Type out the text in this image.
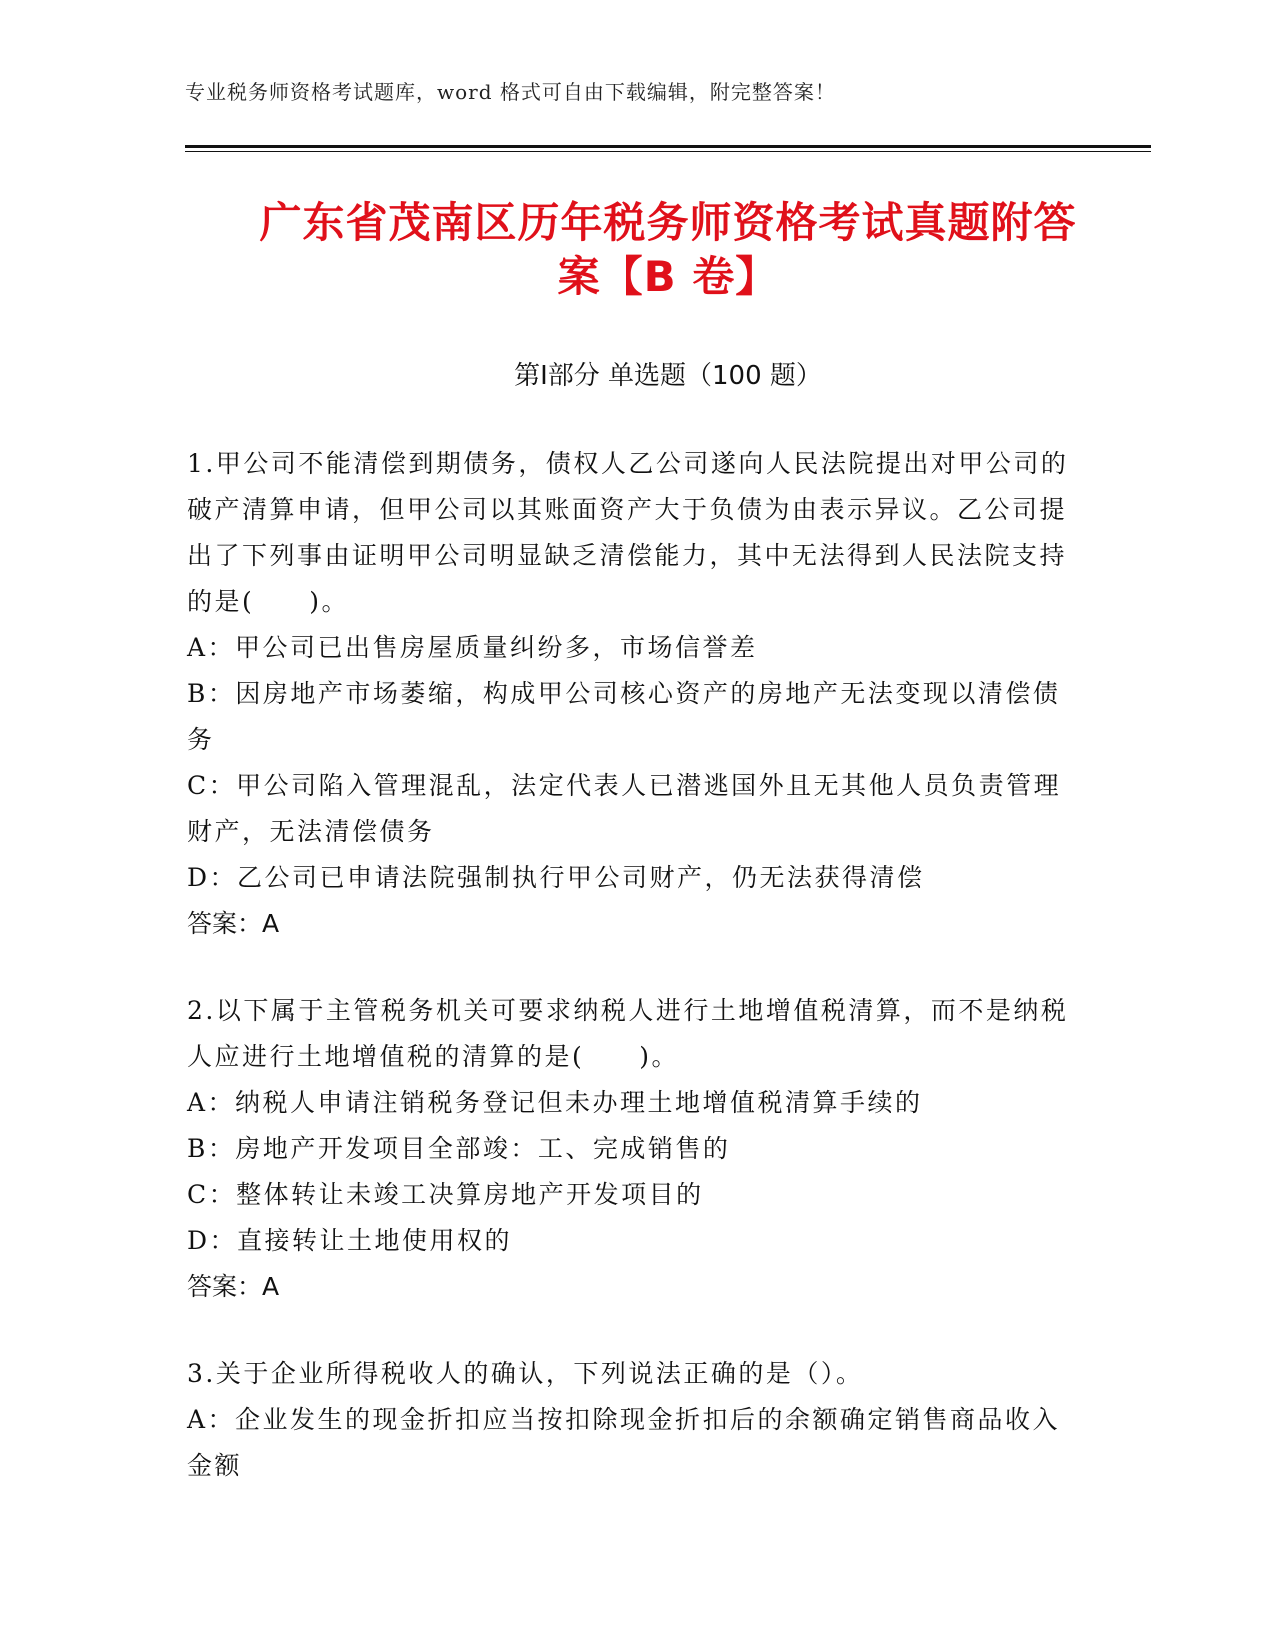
专业税务师资格考试题库，word 格式可自由下载编辑，附完整答案！
广东省茂南区历年税务师资格考试真题附答
案【B 卷】
第Ⅰ部分 单选题（100 题）

1.甲公司不能清偿到期债务，债权人乙公司遂向人民法院提出对甲公司的破产清算申请，但甲公司以其账面资产大于负债为由表示异议。乙公司提出了下列事由证明甲公司明显缺乏清偿能力，其中无法得到人民法院支持的是(　　)。

A：甲公司已出售房屋质量纠纷多，市场信誉差

B：因房地产市场萎缩，构成甲公司核心资产的房地产无法变现以清偿债务

C：甲公司陷入管理混乱，法定代表人已潜逃国外且无其他人员负责管理财产，无法清偿债务

D：乙公司已申请法院强制执行甲公司财产，仍无法获得清偿

答案：A

2.以下属于主管税务机关可要求纳税人进行土地增值税清算，而不是纳税人应进行土地增值税的清算的是(　　)。

A：纳税人申请注销税务登记但未办理土地增值税清算手续的

B：房地产开发项目全部竣：工、完成销售的

C：整体转让未竣工决算房地产开发项目的

D：直接转让土地使用权的

答案：A

3.关于企业所得税收人的确认，下列说法正确的是（）。

A：企业发生的现金折扣应当按扣除现金折扣后的余额确定销售商品收入金额
